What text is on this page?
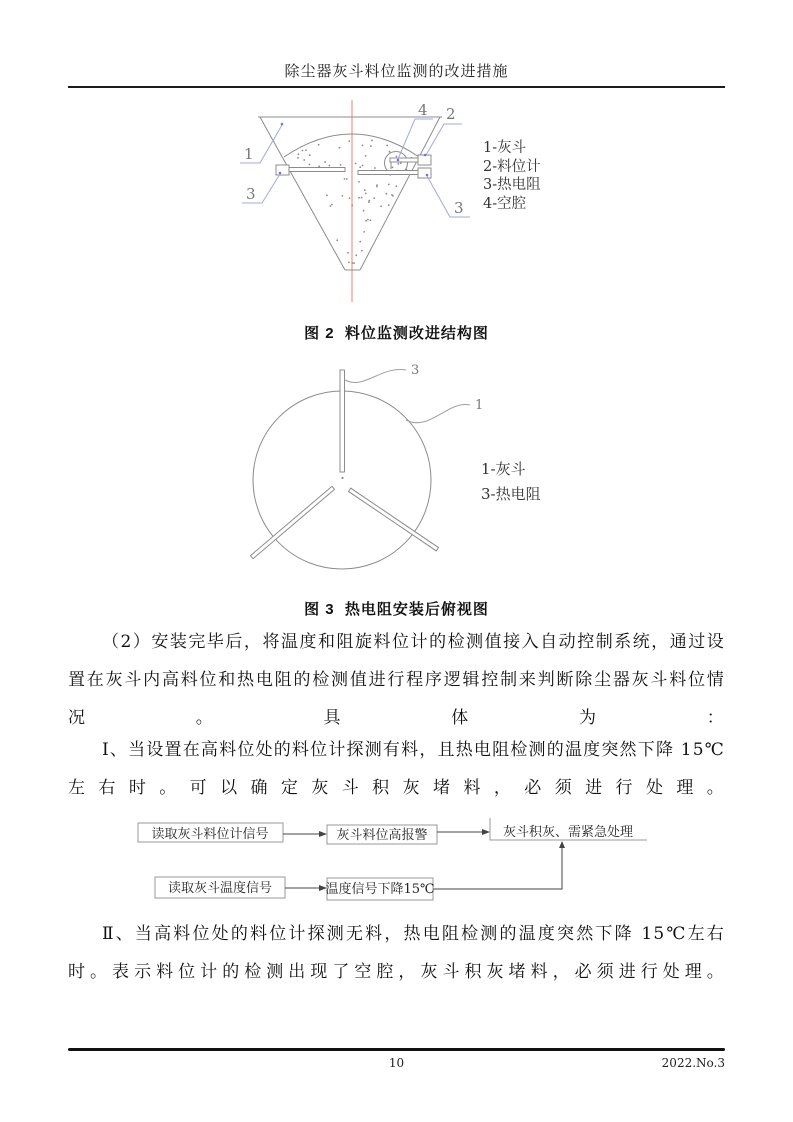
除尘器灰斗料位监测的改进措施
1
3
3
4 2
1-灰斗
2-料位计
3-热电阻
4-空腔
图 2  料位监测改进结构图
3
1
1-灰斗
3-热电阻
图 3  热电阻安装后俯视图
（2）安装完毕后，将温度和阻旋料位计的检测值接入自动控制系统，通过设置在灰斗内高料位和热电阻的检测值进行程序逻辑控制来判断除尘器灰斗料位情况。具体为：
Ⅰ、当设置在高料位处的料位计探测有料，且热电阻检测的温度突然下降 15℃ 左右时。可以确定灰斗积灰堵料，必须进行处理。
读取灰斗料位计信号	灰斗料位高报警	灰斗积灰、需紧急处理
读取灰斗温度信号	温度信号下降15℃
Ⅱ、当高料位处的料位计探测无料，热电阻检测的温度突然下降 15℃左右时。表示料位计的检测出现了空腔，灰斗积灰堵料，必须进行处理。
10	2022.No.3
